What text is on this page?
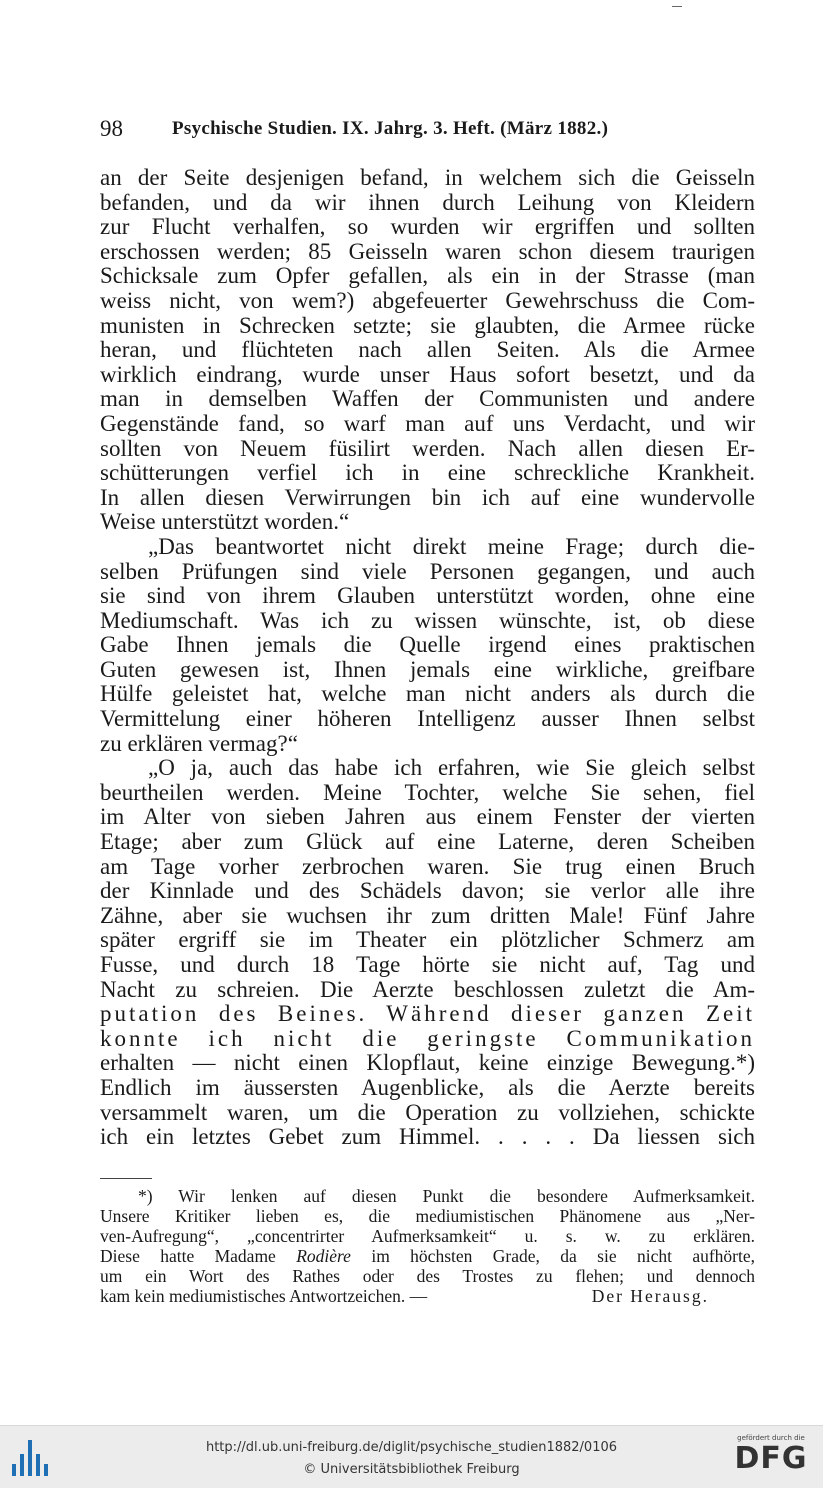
98	Psychische Studien. IX. Jahrg. 3. Heft. (März 1882.)
an der Seite desjenigen befand, in welchem sich die Geisseln
befanden, und da wir ihnen durch Leihung von Kleidern
zur Flucht verhalfen, so wurden wir ergriffen und sollten
erschossen werden; 85 Geisseln waren schon diesem traurigen
Schicksale zum Opfer gefallen, als ein in der Strasse (man
weiss nicht, von wem?) abgefeuerter Gewehrschuss die Com-
munisten in Schrecken setzte; sie glaubten, die Armee rücke
heran, und flüchteten nach allen Seiten. Als die Armee
wirklich eindrang, wurde unser Haus sofort besetzt, und da
man in demselben Waffen der Communisten und andere
Gegenstände fand, so warf man auf uns Verdacht, und wir
sollten von Neuem füsilirt werden. Nach allen diesen Er-
schütterungen verfiel ich in eine schreckliche Krankheit.
In allen diesen Verwirrungen bin ich auf eine wundervolle
Weise unterstützt worden.“
„Das beantwortet nicht direkt meine Frage; durch die-
selben Prüfungen sind viele Personen gegangen, und auch
sie sind von ihrem Glauben unterstützt worden, ohne eine
Mediumschaft. Was ich zu wissen wünschte, ist, ob diese
Gabe Ihnen jemals die Quelle irgend eines praktischen
Guten gewesen ist, Ihnen jemals eine wirkliche, greifbare
Hülfe geleistet hat, welche man nicht anders als durch die
Vermittelung einer höheren Intelligenz ausser Ihnen selbst
zu erklären vermag?“
„O ja, auch das habe ich erfahren, wie Sie gleich selbst
beurtheilen werden. Meine Tochter, welche Sie sehen, fiel
im Alter von sieben Jahren aus einem Fenster der vierten
Etage; aber zum Glück auf eine Laterne, deren Scheiben
am Tage vorher zerbrochen waren. Sie trug einen Bruch
der Kinnlade und des Schädels davon; sie verlor alle ihre
Zähne, aber sie wuchsen ihr zum dritten Male! Fünf Jahre
später ergriff sie im Theater ein plötzlicher Schmerz am
Fusse, und durch 18 Tage hörte sie nicht auf, Tag und
Nacht zu schreien. Die Aerzte beschlossen zuletzt die Am-
putation des Beines. Während dieser ganzen Zeit
konnte ich nicht die geringste Communikation
erhalten — nicht einen Klopflaut, keine einzige Bewegung.*)
Endlich im äussersten Augenblicke, als die Aerzte bereits
versammelt waren, um die Operation zu vollziehen, schickte
ich ein letztes Gebet zum Himmel. . . . . Da liessen sich
*) Wir lenken auf diesen Punkt die besondere Aufmerksamkeit.
Unsere Kritiker lieben es, die mediumistischen Phänomene aus „Ner-
ven-Aufregung“, „concentrirter Aufmerksamkeit“ u. s. w. zu erklären.
Diese hatte Madame Rodière im höchsten Grade, da sie nicht aufhörte,
um ein Wort des Rathes oder des Trostes zu flehen; und dennoch
kam kein mediumistisches Antwortzeichen. —	Der Herausg.
http://dl.ub.uni-freiburg.de/diglit/psychische_studien1882/0106
© Universitätsbibliothek Freiburg
gefördert durch die
DFG
